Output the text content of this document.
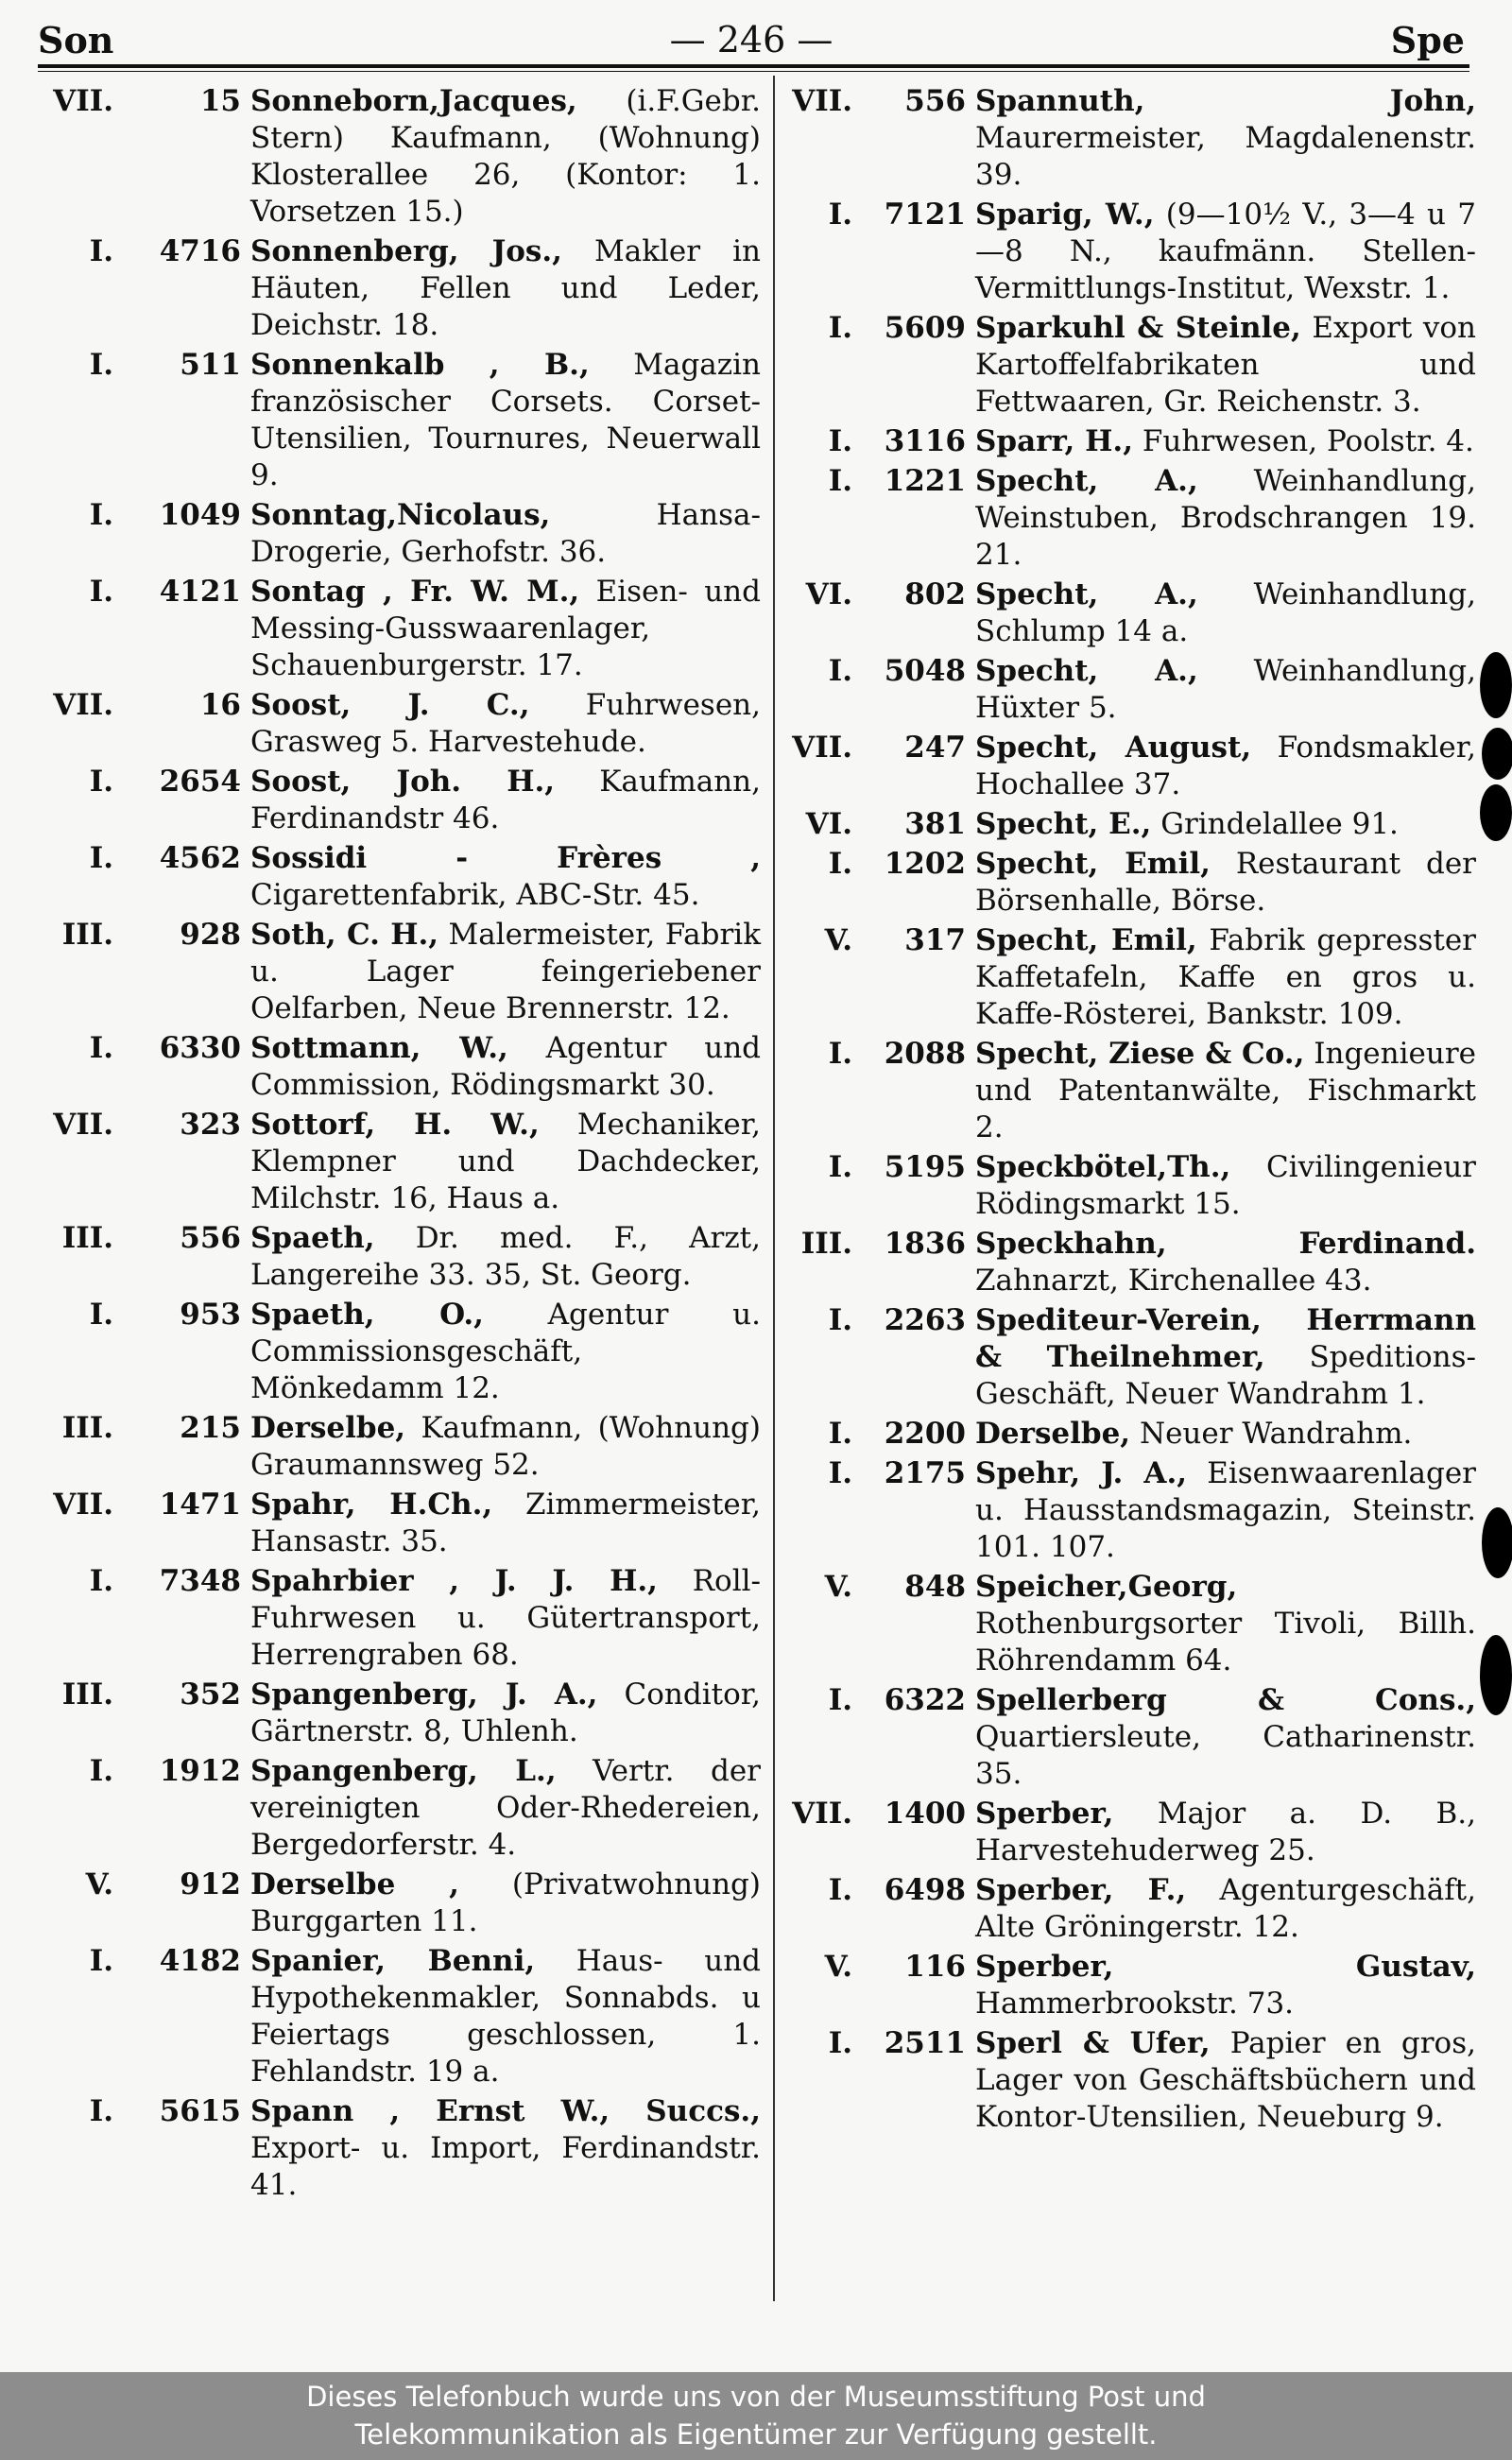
— 246 —
Son	Spe
VII.	15 Sonneborn,Jacques, (i.F.Gebr. Stern) Kaufmann, (Wohnung) Klosterallee 26, (Kontor: 1. Vorsetzen 15.)
I.	4716 Sonnenberg, Jos., Makler in Häuten, Fellen und Leder, Deichstr. 18.
I.	511 Sonnenkalb , B., Magazin französischer Corsets. Corset-Utensilien, Tournures, Neuerwall 9.
I.	1049 Sonntag,Nicolaus,	Hansa-Drogerie, Gerhofstr. 36.
I.	4121 Sontag , Fr. W. M., Eisen- und Messing-Gusswaarenlager, Schauenburgerstr. 17.
VII.	16 Soost, J. C., Fuhrwesen, Grasweg 5. Harvestehude.
I.	2654 Soost, Joh. H., Kaufmann, Ferdinandstr 46.
I.	4562 Sossidi - Frères , Cigarettenfabrik, ABC-Str. 45.
III.	928 Soth, C. H., Malermeister, Fabrik u. Lager feingeriebener Oelfarben, Neue Brennerstr. 12.
I.	6330 Sottmann, W., Agentur und Commission, Rödingsmarkt 30.
VII.	323 Sottorf, H. W., Mechaniker, Klempner und Dachdecker, Milchstr. 16, Haus a.
III.	556 Spaeth, Dr. med. F., Arzt, Langereihe 33. 35, St. Georg.
I.	953 Spaeth, O., Agentur u. Commissionsgeschäft, Mönkedamm 12.
III.	215 Derselbe, Kaufmann, (Wohnung) Graumannsweg 52.
VII.	1471 Spahr, H.Ch., Zimmermeister, Hansastr. 35.
I.	7348 Spahrbier , J. J. H., Roll-Fuhrwesen u. Gütertransport, Herrengraben 68.
III.	352 Spangenberg, J. A., Conditor, Gärtnerstr. 8, Uhlenh.
I.	1912 Spangenberg, L., Vertr. der vereinigten Oder-Rhedereien, Bergedorferstr. 4.
V.	912 Derselbe , (Privatwohnung) Burggarten 11.
I.	4182 Spanier, Benni, Haus- und Hypothekenmakler, Sonnabds. u Feiertags geschlossen, 1. Fehlandstr. 19 a.
I.	5615 Spann , Ernst W., Succs., Export- u. Import, Ferdinandstr. 41.
VII.	556 Spannuth, John, Maurermeister, Magdalenenstr. 39.
I.	7121 Sparig, W., (9—10½ V., 3—4 u 7—8 N., kaufmänn. Stellen-Vermittlungs-Institut, Wexstr. 1.
I.	5609 Sparkuhl & Steinle, Export von Kartoffelfabrikaten und Fettwaaren, Gr. Reichenstr. 3.
I.	3116 Sparr, H., Fuhrwesen, Poolstr. 4.
I.	1221 Specht, A., Weinhandlung, Weinstuben, Brodschrangen 19. 21.
VI.	802 Specht, A., Weinhandlung, Schlump 14 a.
I.	5048 Specht, A., Weinhandlung, Hüxter 5.
VII.	247 Specht, August, Fondsmakler, Hochallee 37.
VI.	381 Specht, E., Grindelallee 91.
I.	1202 Specht, Emil, Restaurant der Börsenhalle, Börse.
V.	317 Specht, Emil, Fabrik gepresster Kaffetafeln, Kaffe en gros u. Kaffe-Rösterei, Bankstr. 109.
I.	2088 Specht, Ziese & Co., Ingenieure und Patentanwälte, Fischmarkt 2.
I.	5195 Speckbötel,Th., Civilingenieur Rödingsmarkt 15.
III.	1836 Speckhahn, Ferdinand. Zahnarzt, Kirchenallee 43.
I.	2263 Spediteur-Verein, Herrmann & Theilnehmer, Speditions-Geschäft, Neuer Wandrahm 1.
I.	2200 Derselbe, Neuer Wandrahm.
I.	2175 Spehr, J. A., Eisenwaarenlager u. Hausstandsmagazin, Steinstr. 101. 107.
V.	848 Speicher,Georg, Rothenburgsorter Tivoli, Billh. Röhrendamm 64.
I.	6322 Spellerberg & Cons., Quartiersleute, Catharinenstr. 35.
VII.	1400 Sperber, Major a. D. B., Harvestehuderweg 25.
I.	6498 Sperber, F., Agenturgeschäft, Alte Gröningerstr. 12.
V.	116 Sperber, Gustav, Hammerbrookstr. 73.
I.	2511 Sperl & Ufer, Papier en gros, Lager von Geschäftsbüchern und Kontor-Utensilien, Neueburg 9.
Dieses Telefonbuch wurde uns von der Museumsstiftung Post und
Telekommunikation als Eigentümer zur Verfügung gestellt.
